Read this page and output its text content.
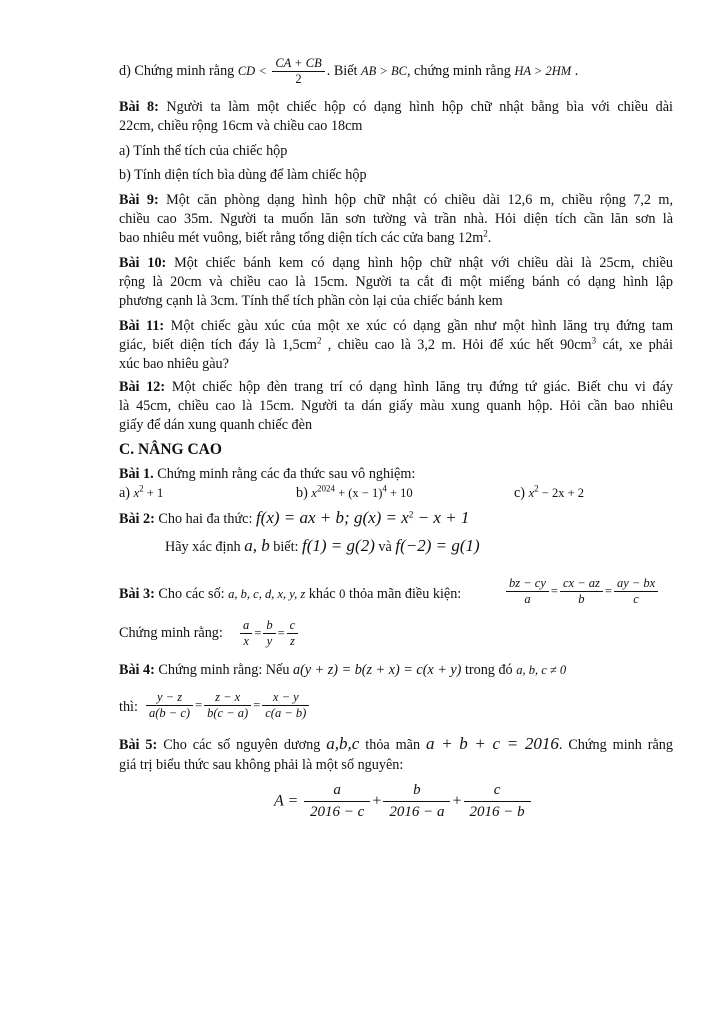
d) Chứng minh rằng CD < $\frac{CA + CB}{2}$ . Biết AB > BC, chứng minh rằng HA > 2HM .
Bài 8: Người ta làm một chiếc hộp có dạng hình hộp chữ nhật bằng bìa với chiều dài
22cm, chiều rộng 16cm và chiều cao 18cm
a) Tính thể tích của chiếc hộp
b) Tính diện tích bìa dùng để làm chiếc hộp
Bài 9: Một căn phòng dạng hình hộp chữ nhật có chiều dài 12,6 m, chiều rộng 7,2 m,
chiều cao 35m. Người ta muốn lăn sơn tường và trần nhà. Hỏi diện tích cần lăn sơn là
bao nhiêu mét vuông, biết rằng tổng diện tích các cửa bang $12m^2$.
Bài 10: Một chiếc bánh kem có dạng hình hộp chữ nhật với chiều dài là 25cm, chiều
rộng là 20cm và chiều cao là 15cm. Người ta cắt đi một miếng bánh có dạng hình lập
phương cạnh là 3cm. Tính thể tích phần còn lại của chiếc bánh kem
Bài 11: Một chiếc gàu xúc của một xe xúc có dạng gần như một hình lăng trụ đứng tam
giác, biết diện tích đáy là $1,5cm^2$ , chiều cao là 3,2 m. Hỏi để xúc hết $90cm^3$ cát, xe phải
xúc bao nhiêu gàu?
Bài 12: Một chiếc hộp đèn trang trí có dạng hình lăng trụ đứng tứ giác. Biết chu vi đáy
là 45cm, chiều cao là 15cm. Người ta dán giấy màu xung quanh hộp. Hỏi cần bao nhiêu
giấy để dán xung quanh chiếc đèn
C. NÂNG CAO
Bài 1. Chứng minh rằng các đa thức sau vô nghiệm:
a) $x^2 + 1$	b) $x^{2024} + (x - 1)^4 + 10$	c) $x^2 - 2x + 2$
Bài 2: Cho hai đa thức: f(x) = ax + b; $g(x) = x^2 - x + 1$
Hãy xác định a, b biết: f(1) = g(2) và f(−2) = g(1)
Bài 3: Cho các số: a, b, c, d, x, y, z khác 0 thỏa mãn điều kiện:	$\frac{bz - cy}{a} = \frac{cx - az}{b} = \frac{ay - bx}{c}$
Chứng minh rằng:	$\frac{a}{x} = \frac{b}{y} = \frac{c}{z}$
Bài 4: Chứng minh rằng: Nếu a(y + z) = b(z + x) = c(x + y) trong đó a, b, c ≠ 0
thì: $\frac{y - z}{a(b - c)} = \frac{z - x}{b(c - a)} = \frac{x - y}{c(a - b)}$
Bài 5: Cho các số nguyên dương a,b,c thỏa mãn a + b + c = 2016. Chứng minh rằng
giá trị biểu thức sau không phải là một số nguyên:
$A = \frac{a}{2016 - c} + \frac{b}{2016 - a} + \frac{c}{2016 - b}$
